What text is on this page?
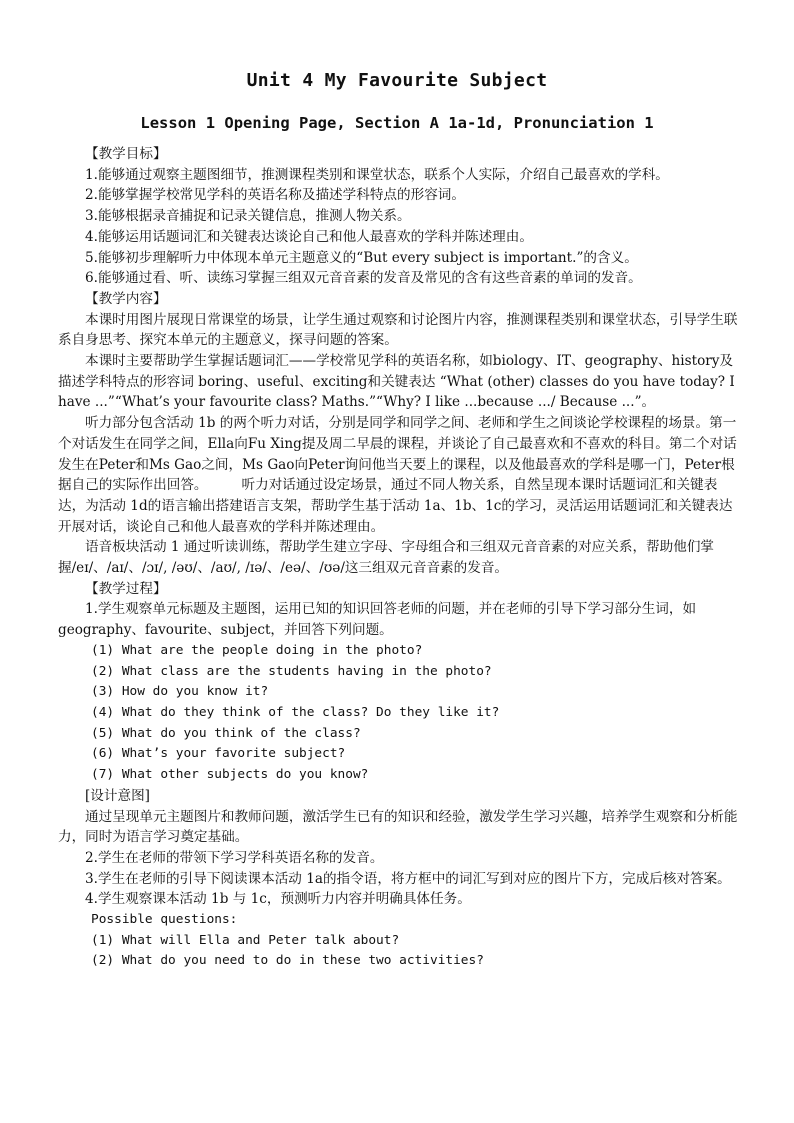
Unit 4 My Favourite Subject
Lesson 1 Opening Page, Section A 1a-1d, Pronunciation 1

【教学目标】

1.能够通过观察主题图细节，推测课程类别和课堂状态，联系个人实际，介绍自己最喜欢的学科。

2.能够掌握学校常见学科的英语名称及描述学科特点的形容词。

3.能够根据录音捕捉和记录关键信息，推测人物关系。

4.能够运用话题词汇和关键表达谈论自己和他人最喜欢的学科并陈述理由。

5.能够初步理解听力中体现本单元主题意义的“But every subject is important.”的含义。

6.能够通过看、听、读练习掌握三组双元音音素的发音及常见的含有这些音素的单词的发音。

【教学内容】

本课时用图片展现日常课堂的场景，让学生通过观察和讨论图片内容，推测课程类别和课堂状态，引导学生联系自身思考、探究本单元的主题意义，探寻问题的答案。

本课时主要帮助学生掌握话题词汇——学校常见学科的英语名称，如biology、IT、geography、history及描述学科特点的形容词 boring、useful、exciting和关键表达 “What (other) classes do you have today? I have ...”“What’s your favourite class? Maths.”“Why? I like ...because .../ Because ...”。

听力部分包含活动 1b 的两个听力对话，分别是同学和同学之间、老师和学生之间谈论学校课程的场景。第一个对话发生在同学之间，Ella向Fu Xing提及周二早晨的课程，并谈论了自己最喜欢和不喜欢的科目。第二个对话发生在Peter和Ms Gao之间，Ms Gao向Peter询问他当天要上的课程，以及他最喜欢的学科是哪一门，Peter根据自己的实际作出回答。　　　听力对话通过设定场景，通过不同人物关系，自然呈现本课时话题词汇和关键表达，为活动 1d的语言输出搭建语言支架，帮助学生基于活动 1a、1b、1c的学习，灵活运用话题词汇和关键表达开展对话，谈论自己和他人最喜欢的学科并陈述理由。

语音板块活动 1 通过听读训练，帮助学生建立字母、字母组合和三组双元音音素的对应关系，帮助他们掌握/eɪ/、/aɪ/、/ɔɪ/, /əʊ/、/aʊ/, /ɪə/、/eə/、/ʊə/这三组双元音音素的发音。

【教学过程】

1.学生观察单元标题及主题图，运用已知的知识回答老师的问题，并在老师的引导下学习部分生词，如 geography、favourite、subject，并回答下列问题。

(1) What are the people doing in the photo?

(2) What class are the students having in the photo?

(3) How do you know it?

(4) What do they think of the class? Do they like it?

(5) What do you think of the class?

(6) What’s your favorite subject?

(7) What other subjects do you know?

[设计意图]

通过呈现单元主题图片和教师问题，激活学生已有的知识和经验，激发学生学习兴趣，培养学生观察和分析能力，同时为语言学习奠定基础。

2.学生在老师的带领下学习学科英语名称的发音。

3.学生在老师的引导下阅读课本活动 1a的指令语，将方框中的词汇写到对应的图片下方，完成后核对答案。

4.学生观察课本活动 1b 与 1c，预测听力内容并明确具体任务。

Possible questions:

(1) What will Ella and Peter talk about?

(2) What do you need to do in these two activities?
